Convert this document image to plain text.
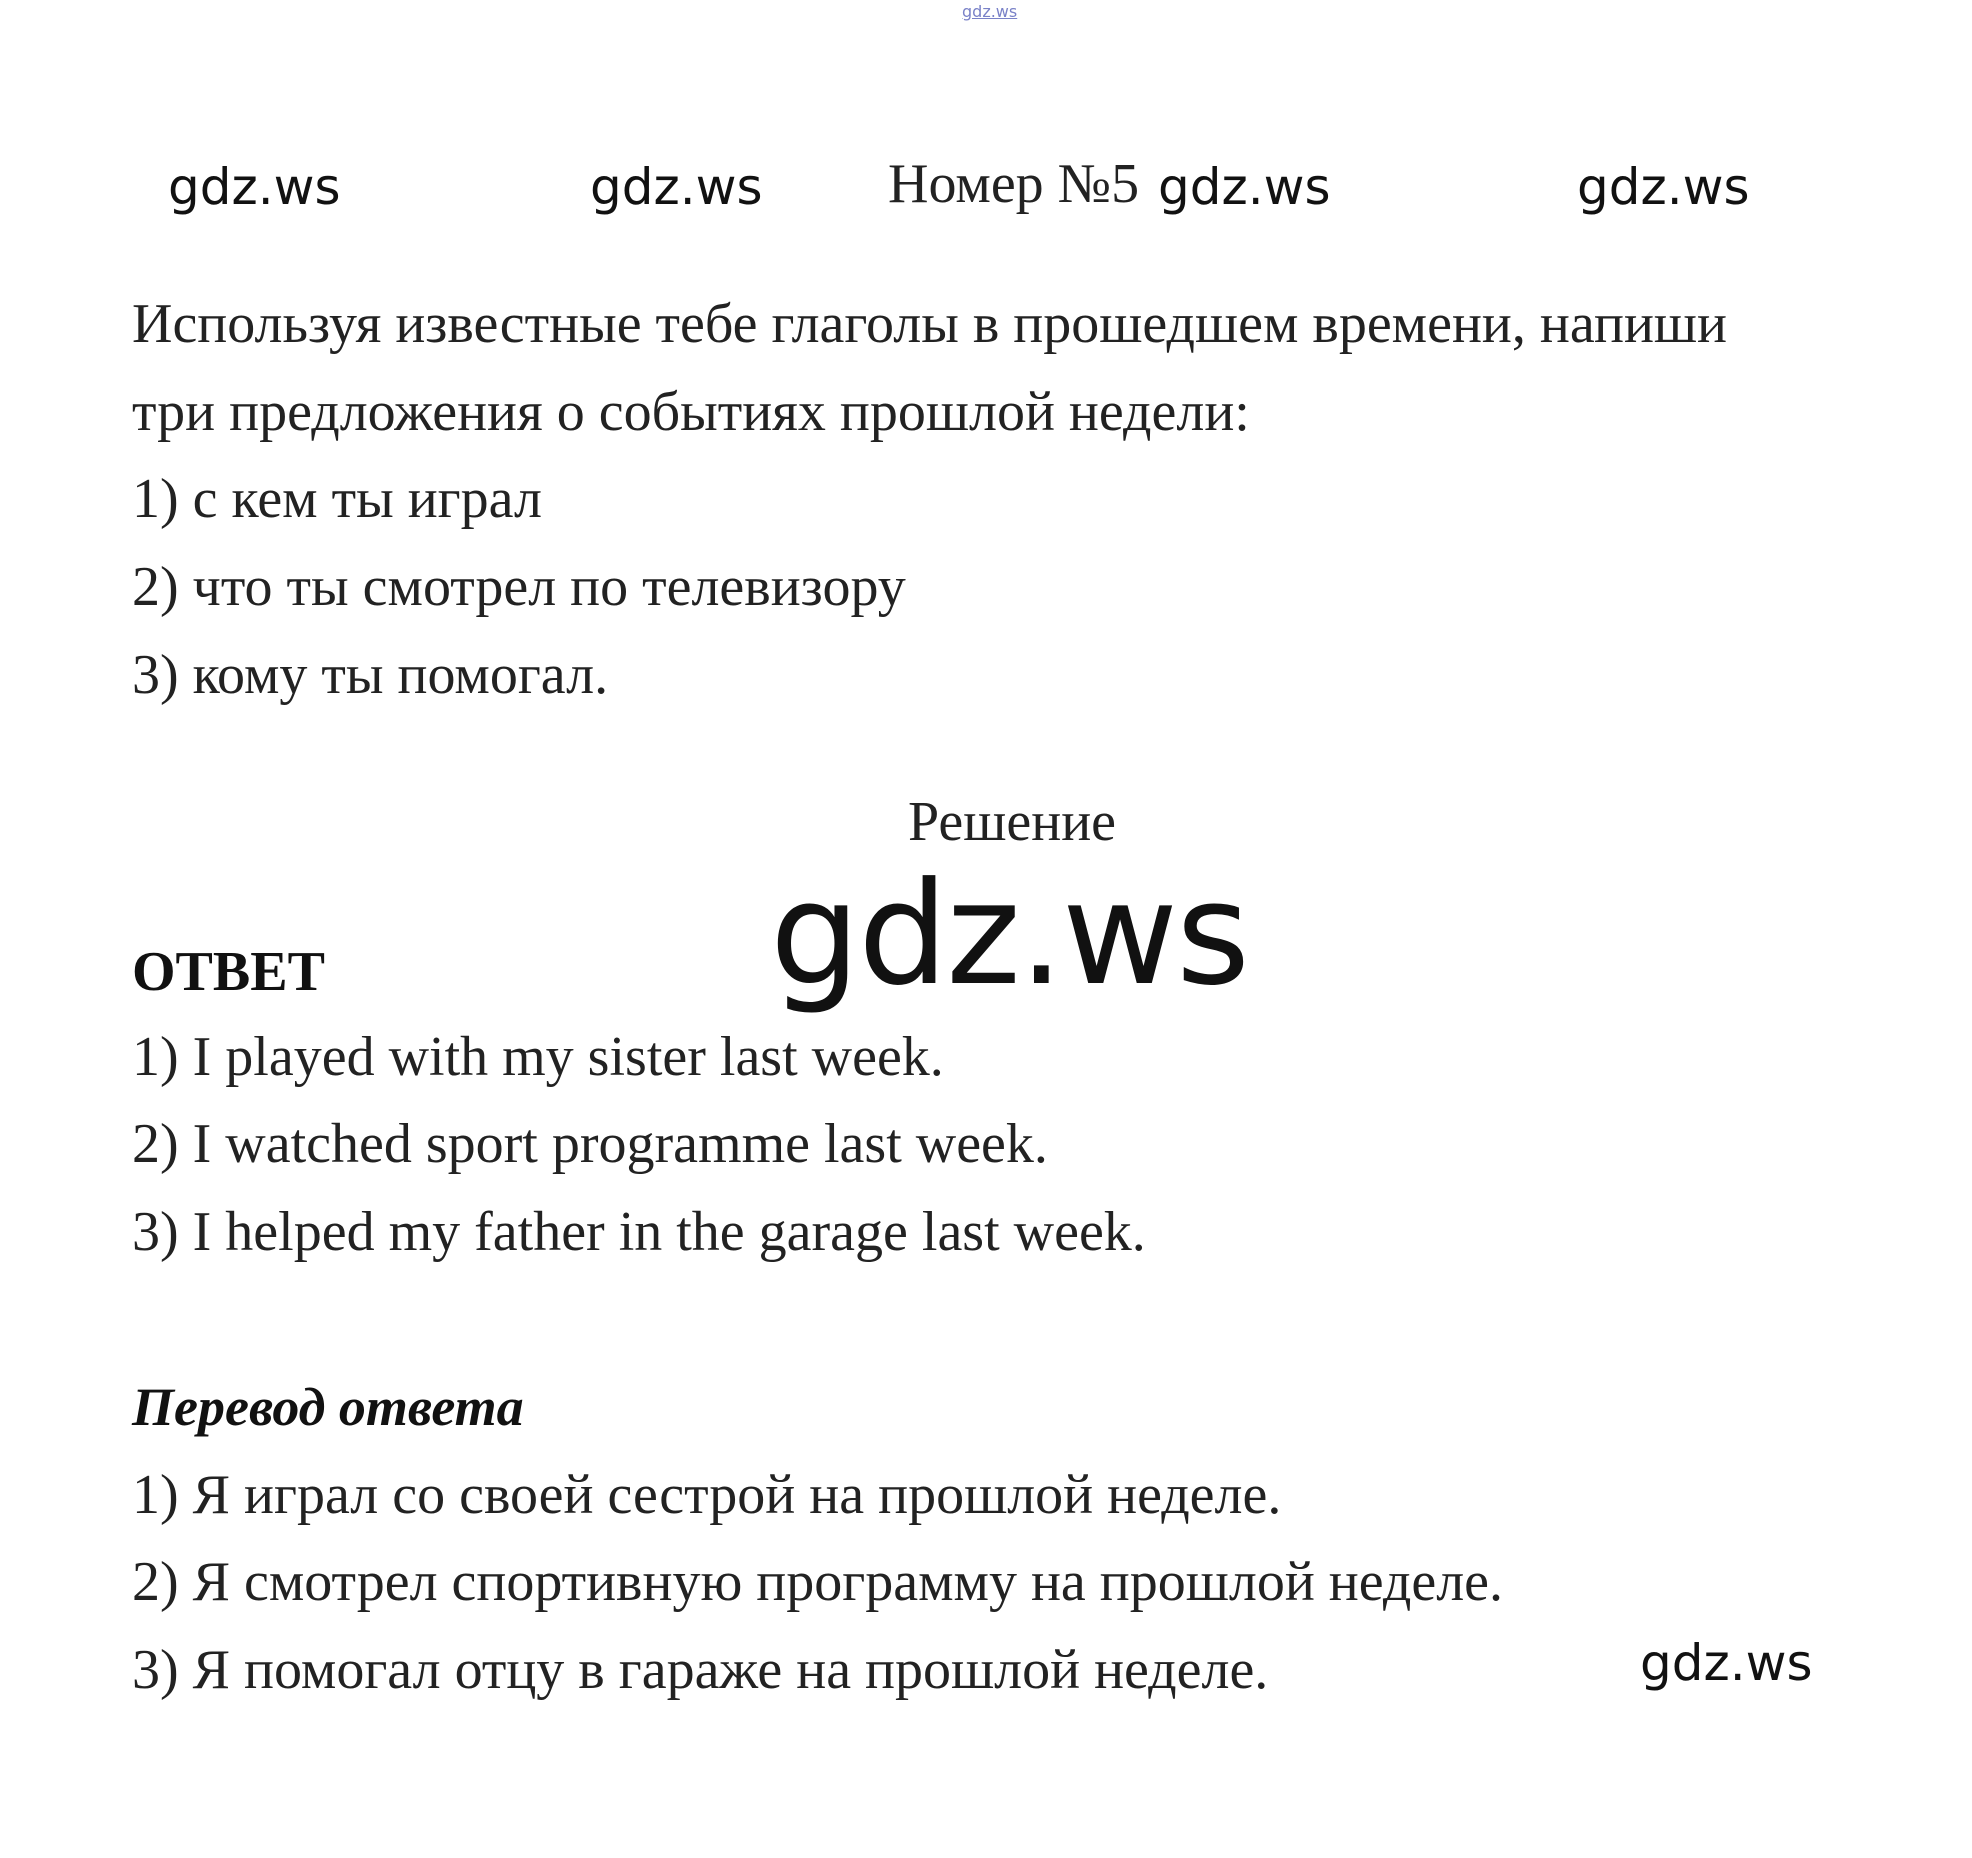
gdz.ws
gdz.ws	gdz.ws Номер №5 gdz.ws	gdz.ws
Используя известные тебе глаголы в прошедшем времени, напиши
три предложения о событиях прошлой недели:
1) с кем ты играл
2) что ты смотрел по телевизору
3) кому ты помогал.
Решение
gdz.ws
ОТВЕТ
1) I played with my sister last week.
2) I watched sport programme last week.
3) I helped my father in the garage last week.
Перевод ответа
1) Я играл со своей сестрой на прошлой неделе.
2) Я смотрел спортивную программу на прошлой неделе.
3) Я помогал отцу в гараже на прошлой неделе.	gdz.ws
